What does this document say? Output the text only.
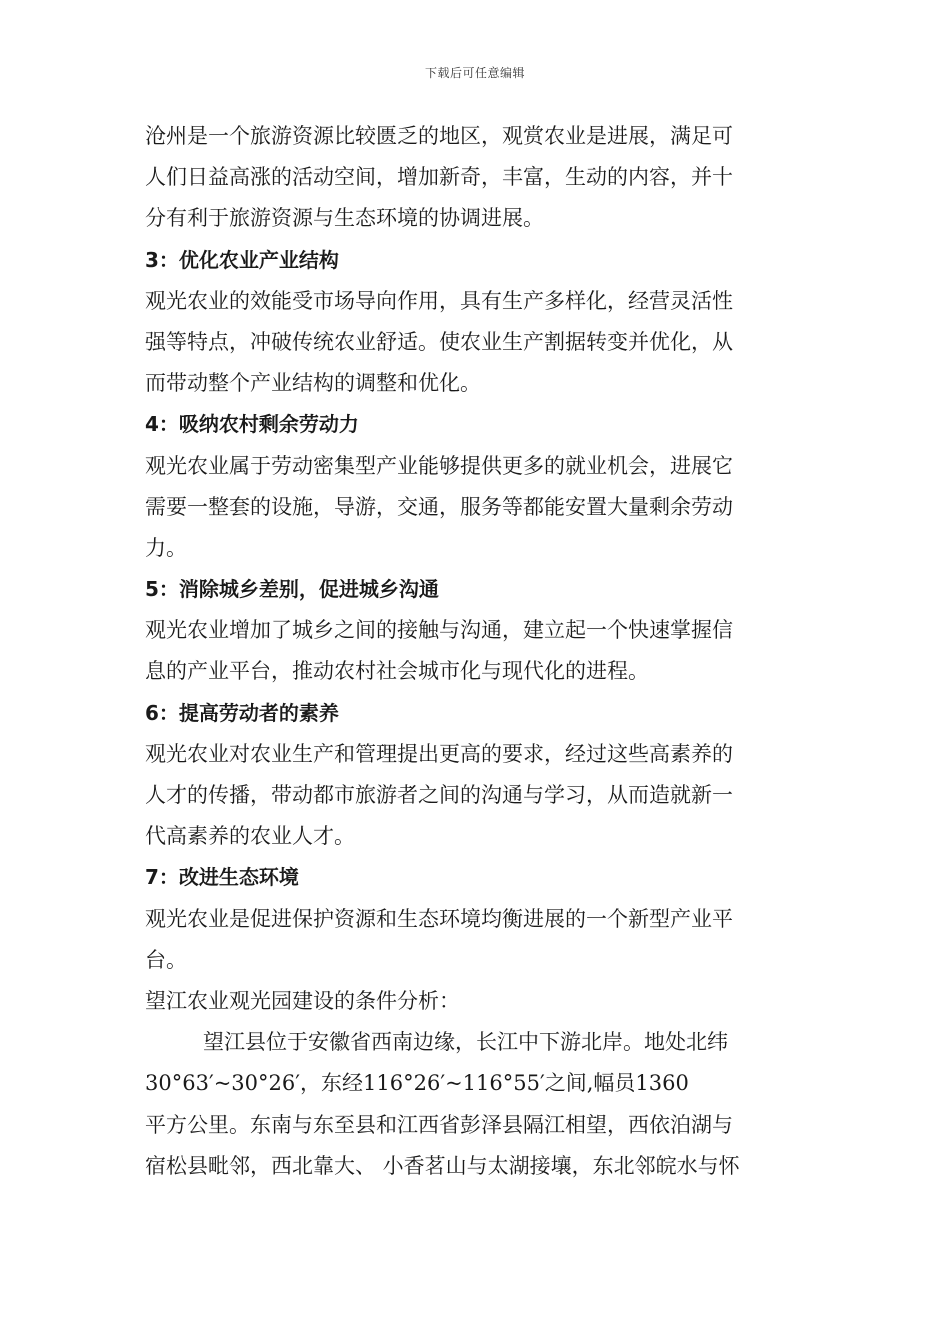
下载后可任意编辑
沧州是一个旅游资源比较匮乏的地区，观赏农业是进展，满足可
人们日益高涨的活动空间，增加新奇，丰富，生动的内容，并十
分有利于旅游资源与生态环境的协调进展。
3：优化农业产业结构
观光农业的效能受市场导向作用，具有生产多样化，经营灵活性
强等特点，冲破传统农业舒适。使农业生产割据转变并优化，从
而带动整个产业结构的调整和优化。
4：吸纳农村剩余劳动力
观光农业属于劳动密集型产业能够提供更多的就业机会，进展它
需要一整套的设施，导游，交通，服务等都能安置大量剩余劳动
力。
5：消除城乡差别，促进城乡沟通
观光农业增加了城乡之间的接触与沟通，建立起一个快速掌握信
息的产业平台，推动农村社会城市化与现代化的进程。
6：提高劳动者的素养
观光农业对农业生产和管理提出更高的要求，经过这些高素养的
人才的传播，带动都市旅游者之间的沟通与学习，从而造就新一
代高素养的农业人才。
7：改进生态环境
观光农业是促进保护资源和生态环境均衡进展的一个新型产业平
台。
望江农业观光园建设的条件分析：
望江县位于安徽省西南边缘，长江中下游北岸。地处北纬
30°63′~30°26′，东经116°26′~116°55′之间,幅员1360
平方公里。东南与东至县和江西省彭泽县隔江相望，西依泊湖与
宿松县毗邻，西北靠大、 小香茗山与太湖接壤，东北邻皖水与怀
